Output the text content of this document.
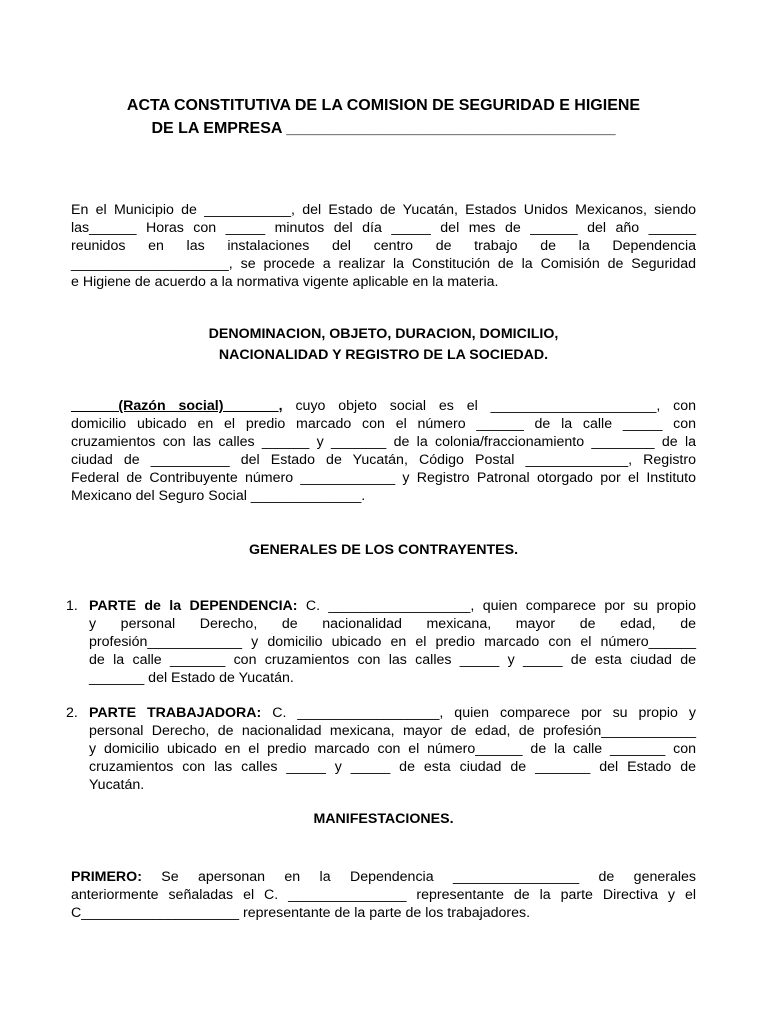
ACTA CONSTITUTIVA DE LA COMISION DE SEGURIDAD E HIGIENE
DE LA EMPRESA _____________________________________
En el Municipio de ___________, del Estado de Yucatán, Estados Unidos Mexicanos, siendo
las______ Horas con _____ minutos del día _____ del mes de ______ del año ______
reunidos en las instalaciones del centro de trabajo de la Dependencia
____________________, se procede a realizar la Constitución de la Comisión de Seguridad
e Higiene de acuerdo a la normativa vigente aplicable en la materia.
DENOMINACION, OBJETO, DURACION, DOMICILIO,
NACIONALIDAD Y REGISTRO DE LA SOCIEDAD.
______(Razón social)_______, cuyo objeto social es el _____________________, con
domicilio ubicado en el predio marcado con el número ______ de la calle _____ con
cruzamientos con las calles ______ y _______ de la colonia/fraccionamiento ________ de la
ciudad de __________ del Estado de Yucatán, Código Postal _____________, Registro
Federal de Contribuyente número ____________ y Registro Patronal otorgado por el Instituto
Mexicano del Seguro Social ______________.
GENERALES DE LOS CONTRAYENTES.
1. PARTE de la DEPENDENCIA: C. __________________, quien comparece por su propio
y personal Derecho, de nacionalidad mexicana, mayor de edad, de
profesión____________ y domicilio ubicado en el predio marcado con el número______
de la calle _______ con cruzamientos con las calles _____ y _____ de esta ciudad de
_______ del Estado de Yucatán.
2. PARTE TRABAJADORA: C. __________________, quien comparece por su propio y
personal Derecho, de nacionalidad mexicana, mayor de edad, de profesión____________
y domicilio ubicado en el predio marcado con el número______ de la calle _______ con
cruzamientos con las calles _____ y _____ de esta ciudad de _______ del Estado de
Yucatán.
MANIFESTACIONES.
PRIMERO: Se apersonan en la Dependencia ________________ de generales
anteriormente señaladas el C. _______________ representante de la parte Directiva y el
C____________________ representante de la parte de los trabajadores.
